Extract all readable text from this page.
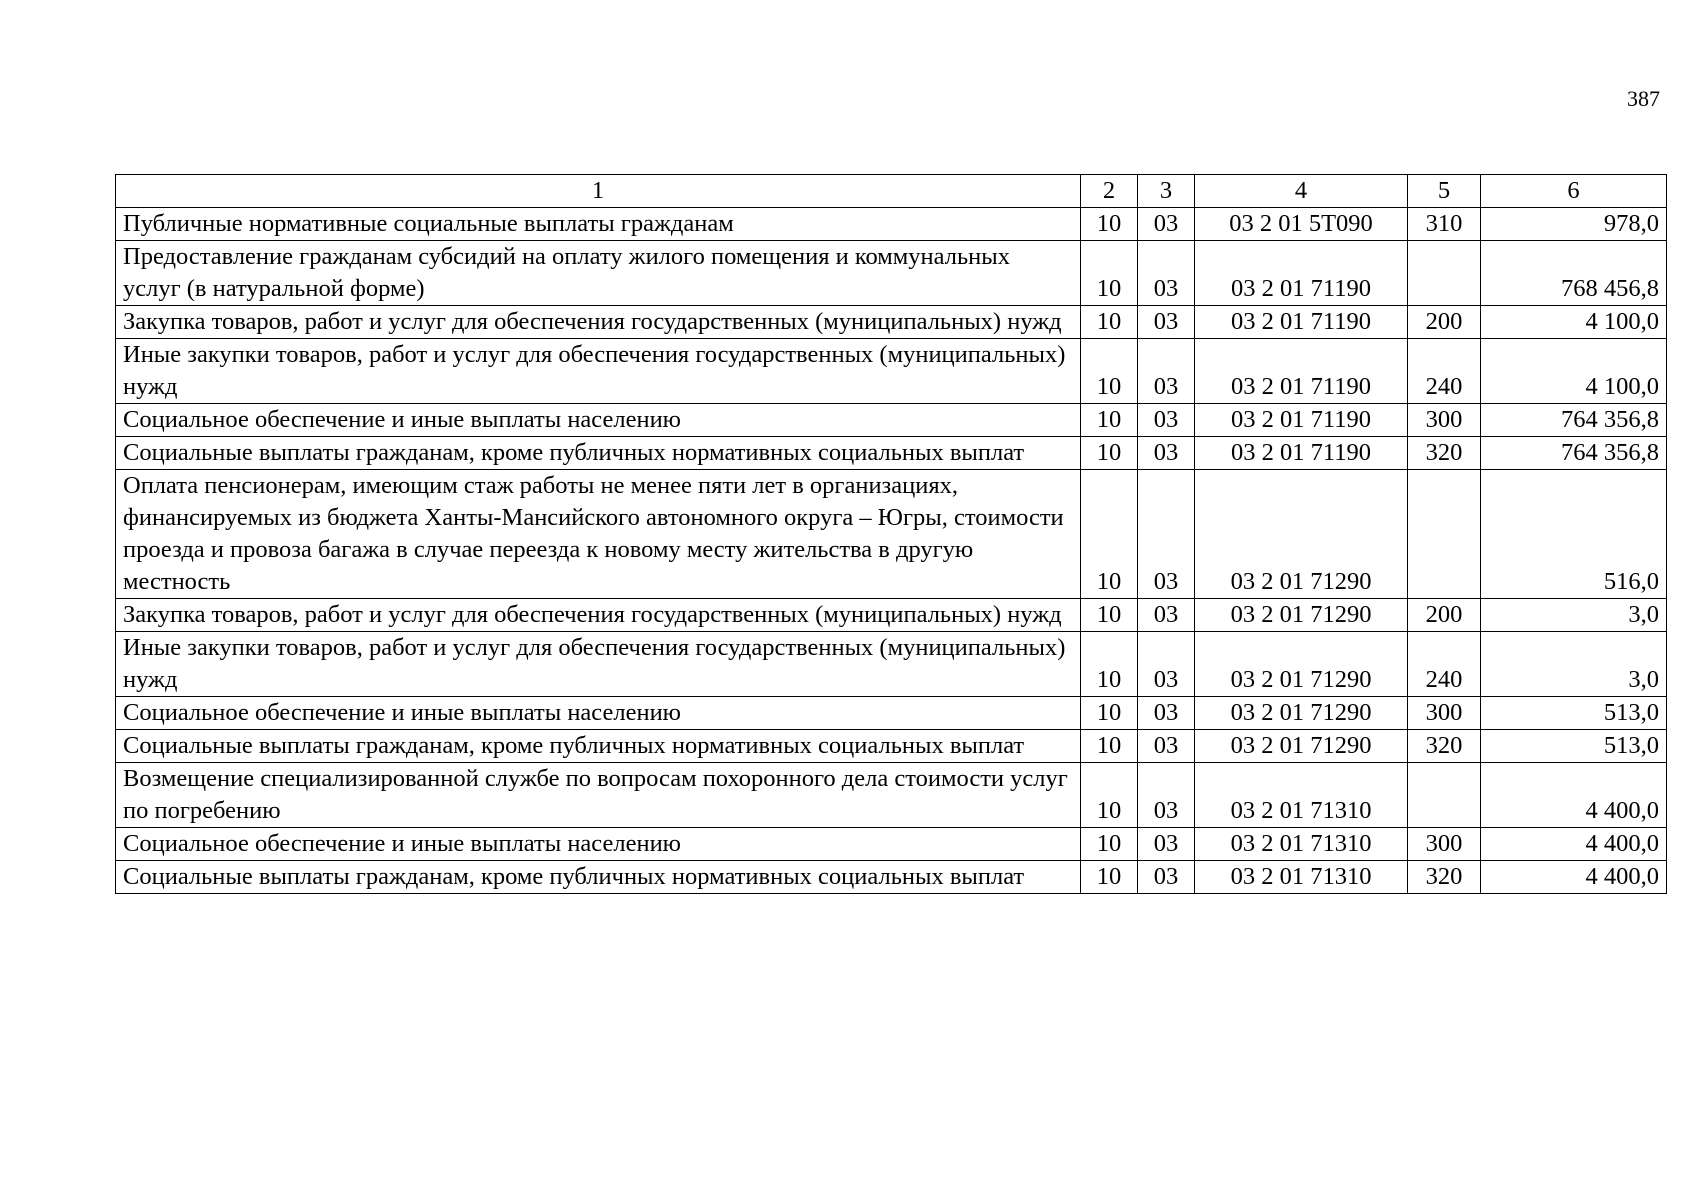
387
1	2	3	4	5	6
Публичные нормативные социальные выплаты гражданам	10	03	03 2 01 5Т090	310	978,0
Предоставление гражданам субсидий на оплату жилого помещения и коммунальных услуг (в натуральной форме)	10	03	03 2 01 71190		768 456,8
Закупка товаров, работ и услуг для обеспечения государственных (муниципальных) нужд	10	03	03 2 01 71190	200	4 100,0
Иные закупки товаров, работ и услуг для обеспечения государственных (муниципальных) нужд	10	03	03 2 01 71190	240	4 100,0
Социальное обеспечение и иные выплаты населению	10	03	03 2 01 71190	300	764 356,8
Социальные выплаты гражданам, кроме публичных нормативных социальных выплат	10	03	03 2 01 71190	320	764 356,8
Оплата пенсионерам, имеющим стаж работы не менее пяти лет в организациях, финансируемых из бюджета Ханты-Мансийского автономного округа – Югры, стоимости проезда и провоза багажа в случае переезда к новому месту жительства в другую местность	10	03	03 2 01 71290		516,0
Закупка товаров, работ и услуг для обеспечения государственных (муниципальных) нужд	10	03	03 2 01 71290	200	3,0
Иные закупки товаров, работ и услуг для обеспечения государственных (муниципальных) нужд	10	03	03 2 01 71290	240	3,0
Социальное обеспечение и иные выплаты населению	10	03	03 2 01 71290	300	513,0
Социальные выплаты гражданам, кроме публичных нормативных социальных выплат	10	03	03 2 01 71290	320	513,0
Возмещение специализированной службе по вопросам похоронного дела стоимости услуг по погребению	10	03	03 2 01 71310		4 400,0
Социальное обеспечение и иные выплаты населению	10	03	03 2 01 71310	300	4 400,0
Социальные выплаты гражданам, кроме публичных нормативных социальных выплат	10	03	03 2 01 71310	320	4 400,0
